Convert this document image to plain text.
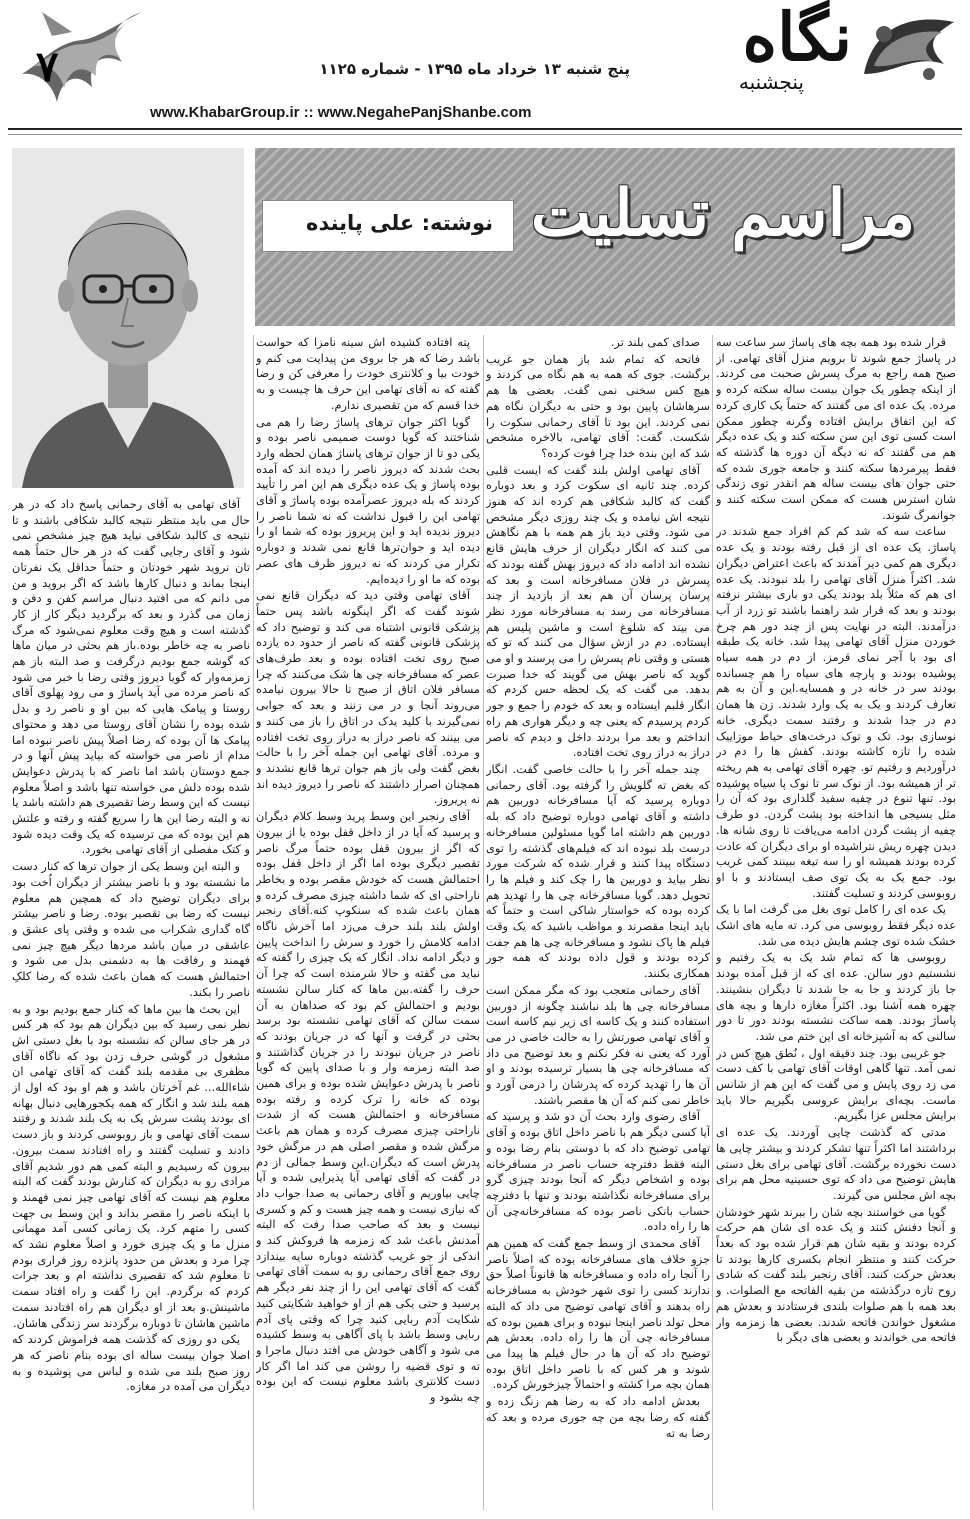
نگاه
پنجشنبه
پنج شنبه ۱۳ خرداد ماه ۱۳۹۵ - شماره ۱۱۲۵
۷
www.KhabarGroup.ir :: www.NegahePanjShanbe.com
مراسم تسلیت
نوشته: علی پاینده

قرار شده بود همه بچه های پاساژ سر ساعت سه در پاساژ جمع شوند تا برویم منزل آقای تهامی. از صبح همه راجع به مرگ پسرش صحبت می کردند. از اینکه چطور یک جوان بیست ساله سکته کرده و مرده. یک عده ای می گفتند که حتماً یک کاری کرده که این اتفاق برایش افتاده وگرنه چطور ممکن است کسی توی این سن سکته کند و یک عده دیگر هم می گفتند که نه دیگه آن دوره ها گذشته که فقط پیرمردها سکته کنند و جامعه جوری شده که حتی جوان های بیست ساله هم انقدر توی زندگی شان استرس هست که ممکن است سکته کنند و جوانمرگ شوند.

ساعت سه که شد کم کم افراد جمع شدند در پاساژ. یک عده ای از قبل رفته بودند و یک عده دیگری هم کمی دیر آمدند که باعث اعتراض دیگران شد. اکثراً منزل آقای تهامی را بلد نبودند. یک عده ای هم که مثلاً بلد بودند یکی دو باری بیشتر نرفته بودند و بعد که قرار شد راهنما باشند تو زرد از آب درآمدند. البته در نهایت پس از چند دور هم چرخ خوردن منزل آقای تهامی پیدا شد. خانه یک طبقه ای بود با آجر نمای قرمز. از دم در همه سیاه پوشیده بودند و پارچه های سیاه را هم چسبانده بودند سر در خانه در و همسایه.این و آن به هم تعارف کردند و یک به یک وارد شدند. زن ها همان دم در جدا شدند و رفتند سمت دیگری. خانه نوسازی بود. تک و توک درخت‌های حیاط موزاییک شده را تازه کاشته بودند. کفش ها را دم در درآوردیم و رفتیم تو. چهره آقای تهامی به هم ریخته تر از همیشه بود. از نوک سر تا نوک پا سیاه پوشیده بود. تنها تنوع در چفیه سفید گلداری بود که آن را مثل بسیجی ها انداخته بود پشت گردن. دو طرف چفیه از پشت گردن ادامه می‌یافت تا روی شانه ها. دیدن چهره ریش نتراشیده او برای دیگران که عادت کرده بودند همیشه او را سه تیغه ببینند کمی غریب بود. جمع یک به یک توی صف ایستادند و با او روبوسی کردند و تسلیت گفتند.

یک عده ای را کامل توی بغل می گرفت اما با یک عده دیگر فقط روبوسی می کرد. ته مایه های اشک خشک شده توی چشم هایش دیده می شد.

روبوسی ها که تمام شد یک به یک رفتیم و نشستیم دور سالن. عده ای که از قبل آمده بودند جا باز کردند و جا به جا شدند تا دیگران بنشینند. چهره همه آشنا بود. اکثراً مغازه دارها و بچه های پاساژ بودند. همه ساکت نشسته بودند دور تا دور سالنی که به آشپزخانه ای این ختم می شد.

جو غریبی بود. چند دقیقه اول ، نُطق هیچ کس در نمی آمد. تنها گاهی اوقات آقای تهامی با کف دست می زد روی پایش و می گفت که این هم از شانس ماست. بچه‌ای برایش عروسی بگیریم حالا باید برایش مجلس عزا بگیریم.

مدتی که گذشت چایی آوردند. یک عده ای برداشتند اما اکثراً تنها تشکر کردند و بیشتر چایی ها دست نخورده برگشت. آقای تهامی برای بغل دستی هایش توضیح می داد که توی حسینیه محل هم برای بچه اش مجلس می گیرند.

گویا می خواستند بچه شان را ببرند شهر خودشان و آنجا دفنش کنند و یک عده ای شان هم حرکت کرده بودند و بقیه شان هم قرار شده بود که بعداً حرکت کنند و منتظر انجام بکسری کارها بودند تا بعدش حرکت کنند. آقای رنجبر بلند گفت که شادی روح تازه درگذشته من بقیه الفاتحه مع الصلوات. و بعد همه با هم صلوات بلندی فرستادند و بعدش هم مشغول خواندن فاتحه شدند. بعضی ها زمزمه وار فاتحه می خواندند و بعضی های دیگر با

صدای کمی بلند تر.

فاتحه که تمام شد باز همان جو غریب برگشت. جوی که همه به هم نگاه می کردند و هیچ کس سخنی نمی گفت. بعضی ها هم سرهاشان پایین بود و حتی به دیگران نگاه هم نمی کردند. این بود تا آقای رحمانی سکوت را شکست. گفت: آقای تهامی، بالاخره مشخص شد که این بنده خدا چرا فوت کرده؟

آقای تهامی اولش بلند گفت که ایست قلبی کرده. چند ثانیه ای سکوت کرد و بعد دوباره گفت که کالبد شکافی هم کرده اند که هنوز نتیجه اش نیامده و یک چند روزی دیگر مشخص می شود. وقتی دید باز هم همه با هم نگاهش می کنند که انگار دیگران از حرف هایش قانع نشده اند ادامه داد که دیروز بهش گفته بودند که پسرش در فلان مسافرخانه است و بعد که پرسان پرسان آن هم بعد از بازدید از چند مسافرخانه می رسد به مسافرخانه مورد نظر می بیند که شلوغ است و ماشین پلیس هم ایستاده. دم در ازش سؤال می کنند که تو که هستی و وقتی نام پسرش را می پرسند و او می گوید که ناصر بهش می گویند که خدا صبرت بدهد. می گفت که یک لحظه حس کردم که انگار قلبم ایستاده و بعد که خودم را جمع و جور کردم پرسیدم که یعنی چه و دیگر هواری هم راه انداختم و بعد مرا بردند داخل و دیدم که ناصر دراز به دراز روی تخت افتاده.

چند جمله آخر را با حالت خاصی گفت. انگار که بغض ته گلویش را گرفته بود. آقای رحمانی دوباره پرسید که آیا مسافرخانه دوربین هم داشته و آقای تهامی دوباره توضیح داد که بله دوربین هم داشته اما گویا مسئولین مسافرخانه درست بلد نبوده اند که فیلم‌های گذشته را توی دستگاه پیدا کنند و قرار شده که شرکت مورد نظر بیاید و دوربین ها را چک کند و فیلم ها را تحویل دهد. گویا مسافرخانه چی ها را تهدید هم کرده بوده که خواستار شاکی است و حتماً که باید اینجا مقصرند و مواظب باشید که یک وقت فیلم ها پاک نشود و مسافرخانه چی ها هم جفت کرده بودند و قول داده بودند که همه جور همکاری بکنند.

آقای رحمانی متعجب بود که مگر ممکن است مسافرخانه چی ها بلد نباشند چگونه از دوربین استفاده کنند و یک کاسه ای زیر نیم کاسه است و آقای تهامی صورتش را به حالت خاصی در می آورد که یعنی نه فکر نکنم و بعد توضیح می داد که مسافرخانه چی ها بسیار ترسیده بودند و او آن ها را تهدید کرده که پدرشان را درمی آورد و خاطر نمی کنم که آن ها مقصر باشند.

آقای رضوی وارد بحث آن دو شد و پرسید که آیا کسی دیگر هم با ناصر داخل اتاق بوده و آقای تهامی توضیح داد که با دوستی بنام رضا بوده و البته فقط دفترچه حساب ناصر در مسافرخانه بوده و اشخاص دیگر که آنجا بودند چیزی گرو برای مسافرخانه نگذاشته بودند و تنها با دفترچه حساب بانکی ناصر بوده که مسافرخانه‌چی آن ها را راه داده.

آقای محمدی از وسط جمع گفت که همین هم جزو خلاف های مسافرخانه بوده که اصلاً ناصر را آنجا راه داده و مسافرخانه ها قانوناً اصلاً حق ندارند کسی را توی شهر خودش به مسافرخانه راه بدهند و آقای تهامی توضیح می داد که البته محل تولد ناصر اینجا نبوده و برای همین بوده که مسافرخانه چی آن ها را راه داده. بعدش هم توضیح داد که آن ها در حال فیلم ها پیدا می شوند و هر کس که با ناصر داخل اتاق بوده همان بچه مرا کشته و احتمالاً چیزخورش کرده.

بعدش ادامه داد که به رضا هم زنگ زده و گفته که رضا بچه من چه جوری مرده و بعد که رضا به ته

پته افتاده کشیده اش سینه نامزا که حواست باشد رضا که هر جا بروی من پیدایت می کنم و خودت بیا و کلانتری خودت را معرفی کن و رضا گفته که نه آقای تهامی این حرف ها چیست و به خدا قسم که من تقصیری ندارم.

گویا اکثر جوان ترهای پاساژ رضا را هم می شناختند که گویا دوست صمیمی ناصر بوده و یکی دو تا از جوان ترهای پاساژ همان لحظه وارد بحث شدند که دیروز ناصر را دیده اند که آمده بوده پاساژ و یک عده دیگری هم این امر را تأیید کردند که بله دیروز عصرآمده بوده پاساژ و آقای تهامی این را قبول نداشت که نه شما ناصر را دیروز ندیده اید و این پریروز بوده که شما او را دیده اید و جوان‌ترها قانع نمی شدند و دوباره تکرار می کردند که نه دیروز ظرف های عصر بوده که ما او را دیده‌ایم.

آقای تهامی وقتی دید که دیگران قانع نمی شوند گفت که اگر اینگونه باشد پس حتماً پزشکی قانونی اشتباه می کند و توضیح داد که پزشکی قانونی گفته که ناصر از حدود ده یازده صبح روی تخت افتاده بوده و بعد طرف‌های عصر که مسافرخانه چی ها شک می‌کنند که چرا مسافر فلان اتاق از صبح تا حالا بیرون نیامده می‌روند آنجا و در می زنند و بعد که جوابی نمی‌گیرند با کلید یدک در اتاق را باز می کنند و می بینند که ناصر دراز به دراز روی تخت افتاده و مرده. آقای تهامی این جمله آخر را با حالت بغض گفت ولی باز هم جوان ترها قانع نشدند و همچنان اصرار داشتند که ناصر را دیروز دیده اند نه پریروز.

آقای رنجبر این وسط پرید وسط کلام دیگران و پرسید که آیا در از داخل قفل بوده یا از بیرون که اگر از بیرون قفل بوده حتماً مرگ ناصر تقصیر دیگری بوده اما اگر از داخل قفل بوده احتمالش هست که خودش مقصر بوده و بخاطر ناراحتی ای که شما داشته چیزی مصرف کرده و همان باعث شده که سنکوپ کنه.آقای رنجبر اولش بلند بلند حرف می‌زد اما آخرش نا‌گاه ادامه کلامش را خورد و سرش را انداخت پایین و دیگر ادامه نداد. انگار که یک چیزی را گفته که نباید می گفته و حالا شرمنده است که چرا آن حرف را گفته.بین ماها که کنار سالن نشسته بودیم و احتمالش کم بود که صداهان به آن سمت سالن که آقای تهامی نشسته بود برسد بحثی در گرفت و آنها که در جریان بودند که ناصر در جریان نبودند را در جریان گذاشتند و صد البته زمزمه وار و با صدای پایین که گویا ناصر با پدرش دعوایش شده بوده و برای همین بوده که خانه را ترک کرده و رفته بوده مسافرخانه و احتمالش هست که از شدت ناراحتی چیزی مصرف کرده و همان هم باعث مرگش شده و مقصر اصلی هم در مرگش خود پدرش است که دیگران.این وسط جمالی از دم در گفت که آقای تهامی آیا پذیرایی شده و آیا چایی بیاوریم و آقای رحمانی به صدا جواب داد که نیازی نیست و همه چیز هست و کم و کسری نیست و بعد که صاحب صدا رفت که البته آمدنش باعث شد که زمزمه ها فروکش کند و اندکی از جو غریب گذشته دوباره سایه بیندازد روی جمع آقای رحمانی رو به سمت آقای تهامی گفت که آقای تهامی این را از چند نفر دیگر هم پرسید و حتی یکی هم از او خواهید شکایتی کنید شکایت آدم ربایی کنید چرا که وقتی پای آدم ربایی وسط باشد با پای آگاهی به وسط کشیده می شود و آگاهی خودش می افتد دنبال ماجرا و ته و توی قضیه را روشن می کند اما اگر کار دست کلانتری باشد معلوم نیست که این بوده چه بشود و

آقای تهامی به آقای رحمانی پاسخ داد که در هر حال می باید منتظر نتیجه کالبد شکافی باشند و تا نتیجه ی کالبد شکافی نیاید هیچ چیز مشخص نمی شود و آقای رجایی گفت که در هر حال حتماً همه تان نروید شهر خودتان و حتماً حداقل یک نفرتان اینجا بماند و دنبال کارها باشد که اگر بروید و من می دانم که می افتید دنبال مراسم کفن و دفن و زمان می گذرد و بعد که برگردید دیگر کار از کار گذشته است و هیچ وقت معلوم نمی‌شود که مرگ ناصر به چه خاطر بوده.باز هم بحثی در میان ما‌ها که گوشه جمع بودیم درگرفت و صد البته باز هم زمزمه‌وار که گویا دیروز وقتی رضا با خبر می شود که ناصر مرده می آید پاساژ و می رود پهلوی آقای روستا و پیامک هایی که بین او و ناصر رد و بدل شده بوده را نشان آقای روستا می دهد و محتوای پیامک ها آن بوده که رضا اصلاً پیش ناصر نبوده اما مدام از ناصر می خواسته که بیاید پیش آنها و در جمع دوستان باشد اما ناصر که با پدرش دعوایش شده بوده دلش می خواسته تنها باشد و اصلاً معلوم نیست که این وسط رضا تقصیری هم داشته باشد یا نه و البته رضا این ها را سریع گفته و رفته و علتش هم این بوده که می ترسیده که یک وقت دیده شود و کتک مفصلی از آقای تهامی بخورد.

و البته این وسط یکی از جوان ترها که کنار دست ما نشسته بود و با ناصر بیشتر از دیگران اُخت بود برای دیگران توضیح داد که همچین هم معلوم نیست که رضا بی تقصیر بوده. رضا و ناصر بیشتر گاه گداری شکراب می شده و وقتی پای عشق و عاشقی در میان باشد مردها دیگر هیچ چیز نمی فهمند و رفاقت ها به دشمنی بدل می شود و احتمالش هست که همان باعث شده که رضا کلکِ ناصر را بکند.

این بحث ها بین ماها که کنار جمع بودیم بود و به نظر نمی رسید که بین دیگران هم بود که هر کس در هر جای سالن که نشسته بود با بغل دستی اش مشغول در گوشی حرف زدن بود که ناگاه آقای مظفری بی مقدمه بلند گفت که آقای تهامی ان شاءالله... غم آخرتان باشد و هم او بود که اول از همه بلند شد و انگار که همه یکجورهایی دنبال بهانه ای بودند پشت سرش یک به یک بلند شدند و رفتند سمت آقای تهامی و باز روبوسی کردند و باز دست دادند و تسلیت گفتند و راه افتادند سمت بیرون. بیرون که رسیدیم و البته کمی هم دور شدیم آقای مرادی رو به دیگران که کنارش بودند گفت که البته معلوم هم نیست که آقای تهامی چیز نمی فهمند و با اینکه ناصر را مقصر بداند و این وسط بی جهت کسی را متهم کرد. یک زمانی کسی آمد مهمانی منزل ما و یک چیزی خورد و اصلاً معلوم نشد که چرا مرد و بعدش من حدود پانزده روز فراری بودم تا معلوم شد که تقصیری نداشته ام و بعد جرات کردم که برگردم. این را گفت و راه افتاد سمت ماشینش.و بعد از او دیگران هم راه افتادند سمت ماشین هاشان تا دوباره برگردند سر زندگی هاشان.

یکی دو روزی که گذشت همه فراموش کردند که اصلا جوان بیست ساله ای بوده بنام ناصر که هر روز صبح بلند می شده و لباس می پوشیده و به دیگران می آمده در مغازه.
